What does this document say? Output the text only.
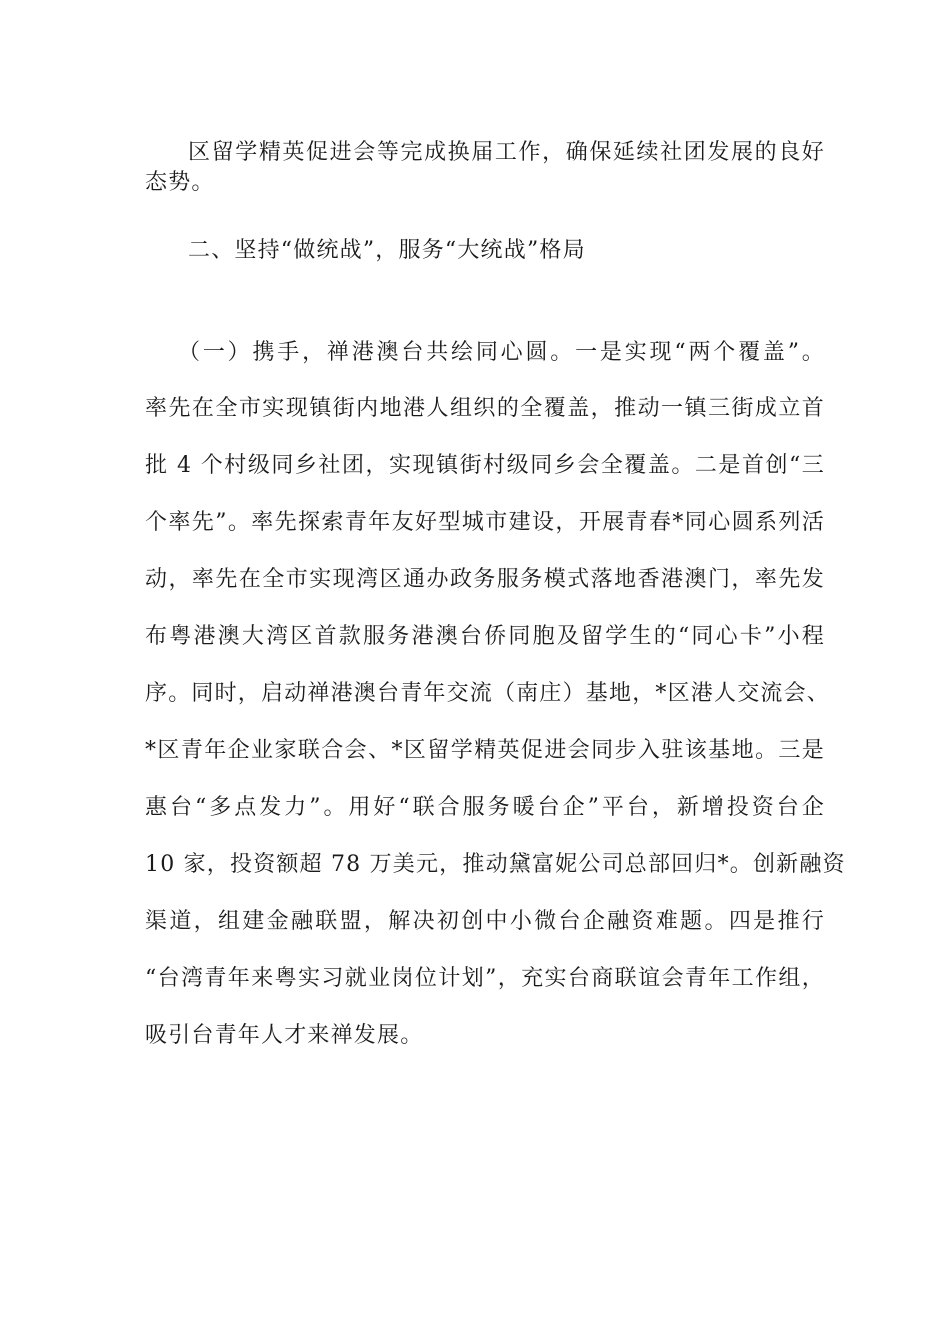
区留学精英促进会等完成换届工作，确保延续社团发展的良好
态势。
二、坚持“做统战”，服务“大统战”格局
（一）携手，禅港澳台共绘同心圆。一是实现“两个覆盖”。
率先在全市实现镇街内地港人组织的全覆盖，推动一镇三街成立首
批 4 个村级同乡社团，实现镇街村级同乡会全覆盖。二是首创“三
个率先”。率先探索青年友好型城市建设，开展青春*同心圆系列活
动，率先在全市实现湾区通办政务服务模式落地香港澳门，率先发
布粤港澳大湾区首款服务港澳台侨同胞及留学生的“同心卡”小程
序。同时，启动禅港澳台青年交流（南庄）基地，*区港人交流会、
*区青年企业家联合会、*区留学精英促进会同步入驻该基地。三是
惠台“多点发力”。用好“联合服务暖台企”平台，新增投资台企
10 家，投资额超 78 万美元，推动黛富妮公司总部回归*。创新融资
渠道，组建金融联盟，解决初创中小微台企融资难题。四是推行
“台湾青年来粤实习就业岗位计划”，充实台商联谊会青年工作组，
吸引台青年人才来禅发展。
